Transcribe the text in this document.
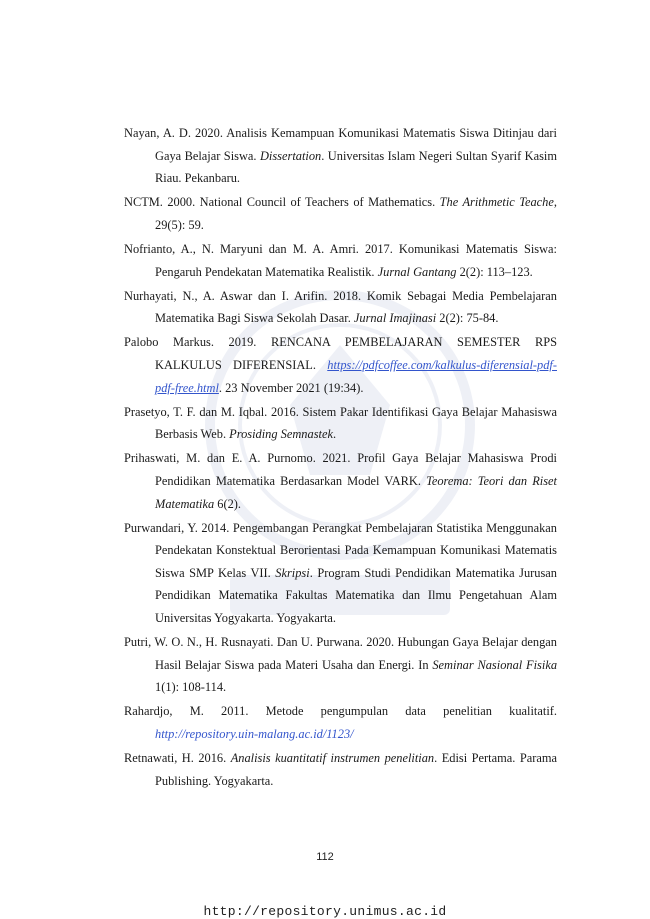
Nayan, A. D. 2020. Analisis Kemampuan Komunikasi Matematis Siswa Ditinjau dari Gaya Belajar Siswa. Dissertation. Universitas Islam Negeri Sultan Syarif Kasim Riau. Pekanbaru.

NCTM. 2000. National Council of Teachers of Mathematics. The Arithmetic Teache, 29(5): 59.

Nofrianto, A., N. Maryuni dan M. A. Amri. 2017. Komunikasi Matematis Siswa: Pengaruh Pendekatan Matematika Realistik. Jurnal Gantang 2(2): 113–123.

Nurhayati, N., A. Aswar dan I. Arifin. 2018. Komik Sebagai Media Pembelajaran Matematika Bagi Siswa Sekolah Dasar. Jurnal Imajinasi 2(2): 75-84.

Palobo Markus. 2019. RENCANA PEMBELAJARAN SEMESTER RPS KALKULUS DIFERENSIAL. https://pdfcoffee.com/kalkulus-diferensial-pdf-pdf-free.html. 23 November 2021 (19:34).

Prasetyo, T. F. dan M. Iqbal. 2016. Sistem Pakar Identifikasi Gaya Belajar Mahasiswa Berbasis Web. Prosiding Semnastek.

Prihaswati, M. dan E. A. Purnomo. 2021. Profil Gaya Belajar Mahasiswa Prodi Pendidikan Matematika Berdasarkan Model VARK. Teorema: Teori dan Riset Matematika 6(2).

Purwandari, Y. 2014. Pengembangan Perangkat Pembelajaran Statistika Menggunakan Pendekatan Konstektual Berorientasi Pada Kemampuan Komunikasi Matematis Siswa SMP Kelas VII. Skripsi. Program Studi Pendidikan Matematika Jurusan Pendidikan Matematika Fakultas Matematika dan Ilmu Pengetahuan Alam Universitas Yogyakarta. Yogyakarta.

Putri, W. O. N., H. Rusnayati. Dan U. Purwana. 2020. Hubungan Gaya Belajar dengan Hasil Belajar Siswa pada Materi Usaha dan Energi. In Seminar Nasional Fisika 1(1): 108-114.

Rahardjo, M. 2011. Metode pengumpulan data penelitian kualitatif. http://repository.uin-malang.ac.id/1123/

Retnawati, H. 2016. Analisis kuantitatif instrumen penelitian. Edisi Pertama. Parama Publishing. Yogyakarta.

112
http://repository.unimus.ac.id
